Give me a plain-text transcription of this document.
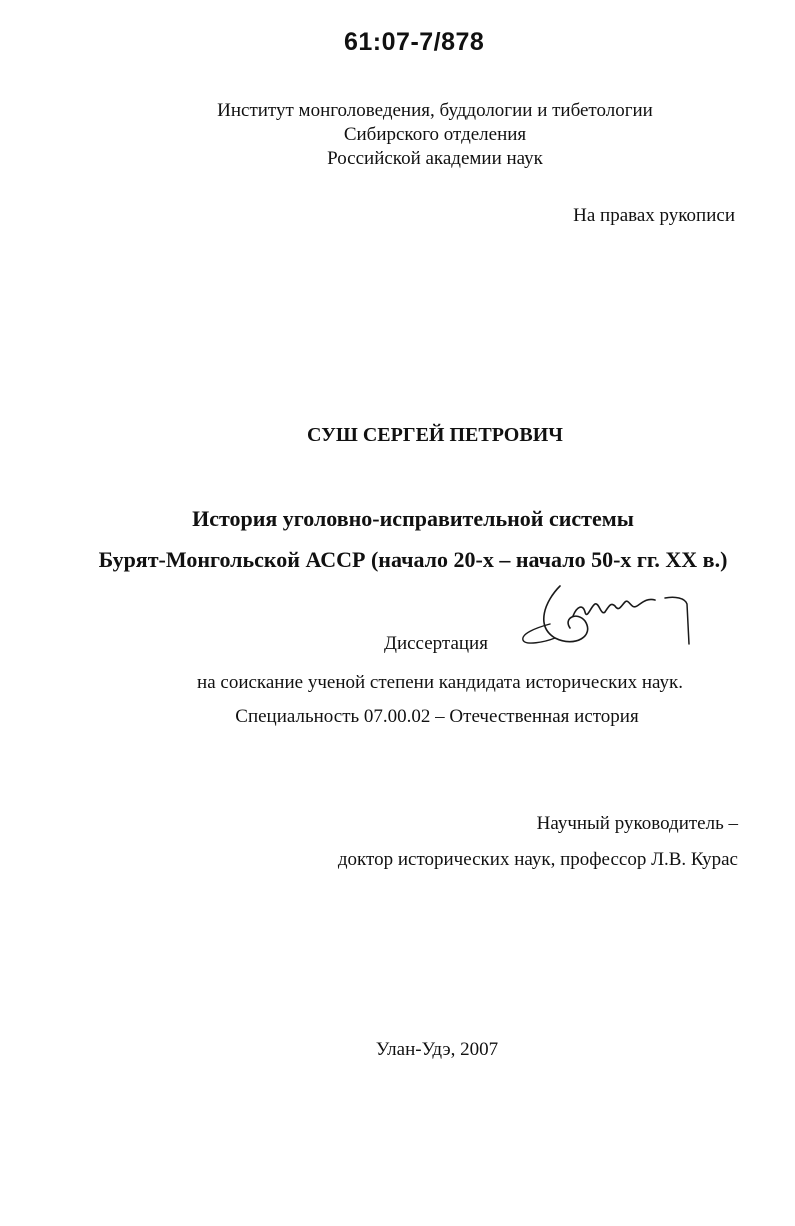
61:07-7/878
Институт монголоведения, буддологии и тибетологии
Сибирского отделения
Российской академии наук
На правах рукописи
СУШ СЕРГЕЙ ПЕТРОВИЧ
История уголовно-исправительной системы
Бурят-Монгольской АССР (начало 20-х – начало 50-х гг. XX в.)
Диссертация
на соискание ученой степени кандидата исторических наук.
Специальность 07.00.02 – Отечественная история
Научный руководитель –
доктор исторических наук, профессор Л.В. Курас
Улан-Удэ, 2007
